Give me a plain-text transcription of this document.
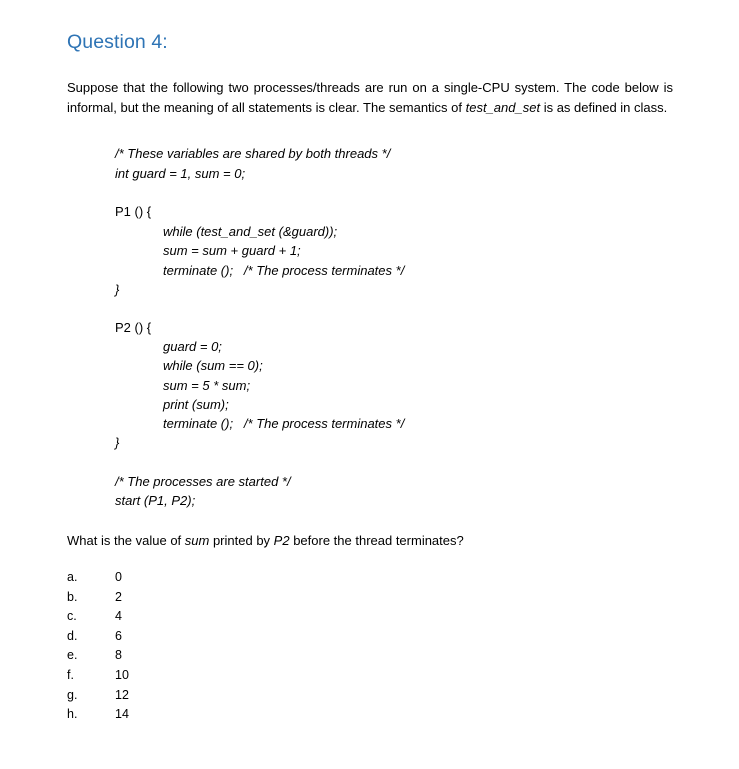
Question 4:
Suppose that the following two processes/threads are run on a single-CPU system. The code below is informal, but the meaning of all statements is clear. The semantics of test_and_set is as defined in class.
/* These variables are shared by both threads */
int guard = 1, sum = 0;
P1 () {
while (test_and_set (&guard));
sum = sum + guard + 1;
terminate ();   /* The process terminates */
}
P2 () {
guard = 0;
while (sum == 0);
sum = 5 * sum;
print (sum);
terminate ();   /* The process terminates */
}
/* The processes are started */
start (P1, P2);
What is the value of sum printed by P2 before the thread terminates?
a.	0
b.	2
c.	4
d.	6
e.	8
f.	10
g.	12
h.	14
